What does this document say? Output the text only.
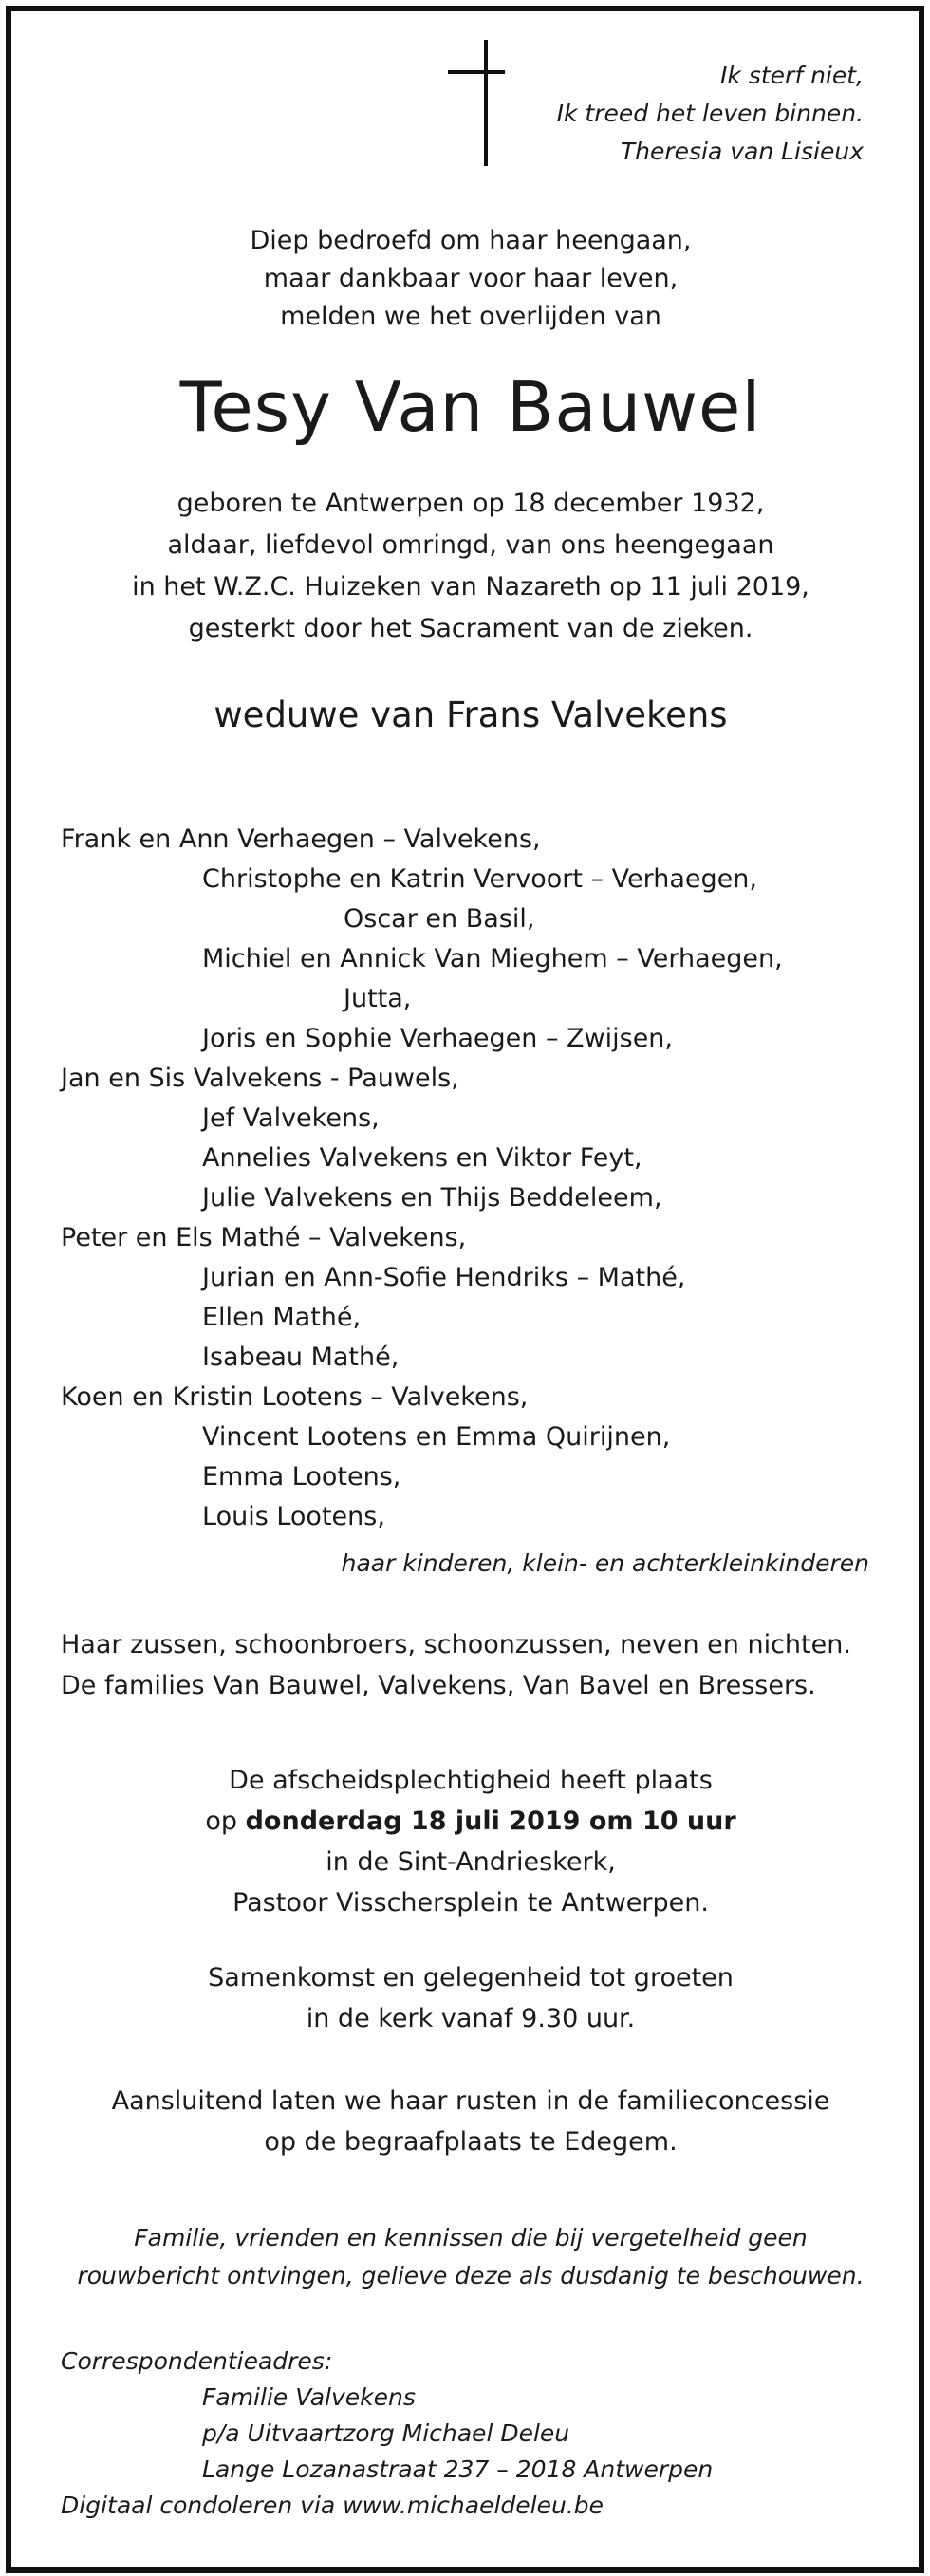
Ik sterf niet,
Ik treed het leven binnen.
Theresia van Lisieux
Diep bedroefd om haar heengaan,
maar dankbaar voor haar leven,
melden we het overlijden van
Tesy Van Bauwel
geboren te Antwerpen op 18 december 1932,
aldaar, liefdevol omringd, van ons heengegaan
in het W.Z.C. Huizeken van Nazareth op 11 juli 2019,
gesterkt door het Sacrament van de zieken.
weduwe van Frans Valvekens
Frank en Ann Verhaegen – Valvekens,
Christophe en Katrin Vervoort – Verhaegen,
Oscar en Basil,
Michiel en Annick Van Mieghem – Verhaegen,
Jutta,
Joris en Sophie Verhaegen – Zwijsen,
Jan en Sis Valvekens - Pauwels,
Jef Valvekens,
Annelies Valvekens en Viktor Feyt,
Julie Valvekens en Thijs Beddeleem,
Peter en Els Mathé – Valvekens,
Jurian en Ann-Sofie Hendriks – Mathé,
Ellen Mathé,
Isabeau Mathé,
Koen en Kristin Lootens – Valvekens,
Vincent Lootens en Emma Quirijnen,
Emma Lootens,
Louis Lootens,
haar kinderen, klein- en achterkleinkinderen
Haar zussen, schoonbroers, schoonzussen, neven en nichten.
De families Van Bauwel, Valvekens, Van Bavel en Bressers.
De afscheidsplechtigheid heeft plaats
op donderdag 18 juli 2019 om 10 uur
in de Sint-Andrieskerk,
Pastoor Visschersplein te Antwerpen.
Samenkomst en gelegenheid tot groeten
in de kerk vanaf 9.30 uur.
Aansluitend laten we haar rusten in de familieconcessie
op de begraafplaats te Edegem.
Familie, vrienden en kennissen die bij vergetelheid geen
rouwbericht ontvingen, gelieve deze als dusdanig te beschouwen.
Correspondentieadres:
Familie Valvekens
p/a Uitvaartzorg Michael Deleu
Lange Lozanastraat 237 – 2018 Antwerpen
Digitaal condoleren via www.michaeldeleu.be
